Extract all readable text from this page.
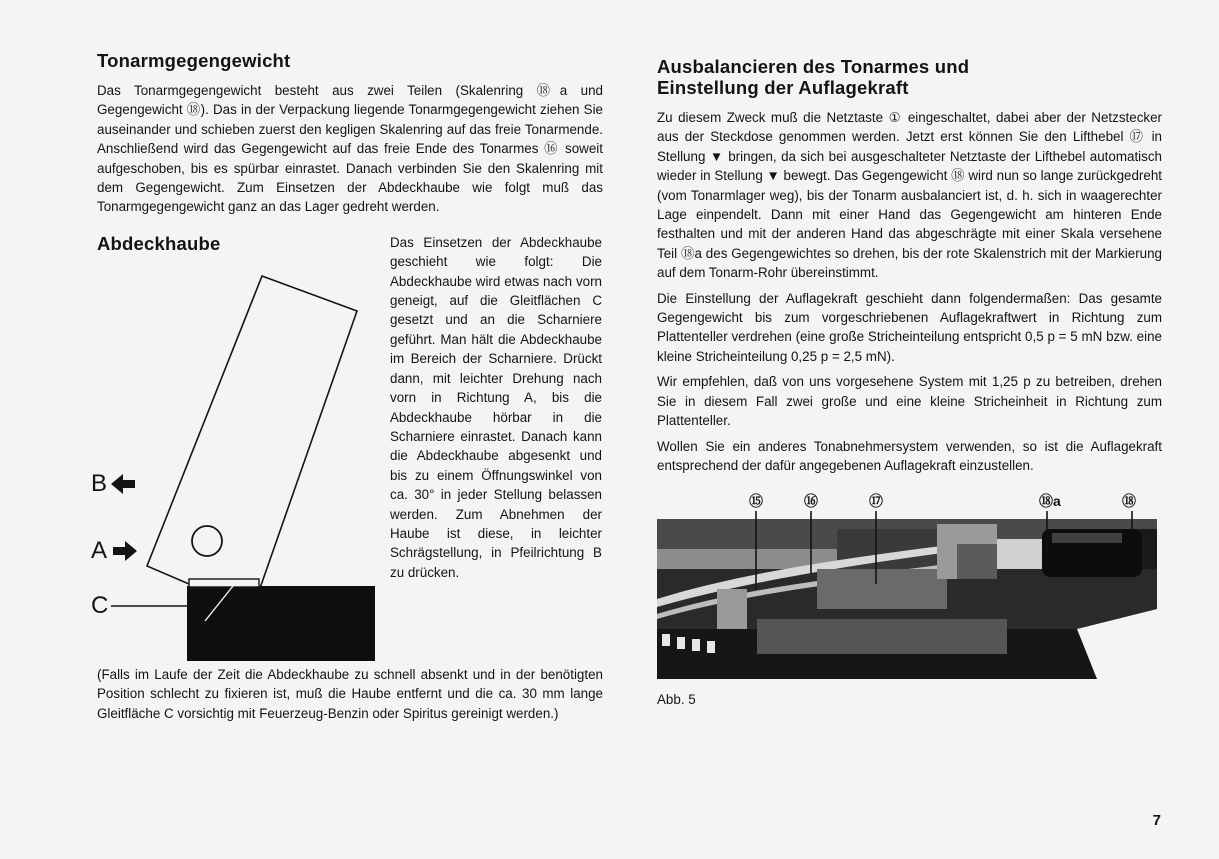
Tonarmgegengewicht

Das Tonarmgegengewicht besteht aus zwei Teilen (Skalenring ⑱a und Gegengewicht ⑱). Das in der Verpackung liegende Tonarmgegengewicht ziehen Sie auseinander und schieben zuerst den kegligen Skalenring auf das freie Tonarmende. Anschließend wird das Gegengewicht auf das freie Ende des Tonarmes ⑯ soweit aufgeschoben, bis es spürbar einrastet. Danach verbinden Sie den Skalenring mit dem Gegengewicht. Zum Einsetzen der Abdeckhaube wie folgt muß das Tonarmgegengewicht ganz an das Lager gedreht werden.

Abdeckhaube
B
A
C

Das Einsetzen der Abdeckhaube geschieht wie folgt: Die Abdeckhaube wird etwas nach vorn geneigt, auf die Gleitflächen C gesetzt und an die Scharniere geführt. Man hält die Abdeckhaube im Bereich der Scharniere. Drückt dann, mit leichter Drehung nach vorn in Richtung A, bis die Abdeckhaube hörbar in die Scharniere einrastet. Danach kann die Abdeckhaube abgesenkt und bis zu einem Öffnungswinkel von ca. 30° in jeder Stellung belassen werden. Zum Abnehmen der Haube ist diese, in leichter Schrägstellung, in Pfeilrichtung B zu drücken.

(Falls im Laufe der Zeit die Abdeckhaube zu schnell absenkt und in der benötigten Position schlecht zu fixieren ist, muß die Haube entfernt und die ca. 30 mm lange Gleitfläche C vorsichtig mit Feuerzeug-Benzin oder Spiritus gereinigt werden.)

Ausbalancieren des Tonarmes und Einstellung der Auflagekraft

Zu diesem Zweck muß die Netztaste ① eingeschaltet, dabei aber der Netzstecker aus der Steckdose genommen werden. Jetzt erst können Sie den Lifthebel ⑰ in Stellung ▼ bringen, da sich bei ausgeschalteter Netztaste der Lifthebel automatisch wieder in Stellung ▼ bewegt. Das Gegengewicht ⑱ wird nun so lange zurückgedreht (vom Tonarmlager weg), bis der Tonarm ausbalanciert ist, d. h. sich in waagerechter Lage einpendelt. Dann mit einer Hand das Gegengewicht am hinteren Ende festhalten und mit der anderen Hand das abgeschrägte mit einer Skala versehene Teil ⑱a des Gegengewichtes so drehen, bis der rote Skalenstrich mit der Markierung auf dem Tonarm-Rohr übereinstimmt.

Die Einstellung der Auflagekraft geschieht dann folgendermaßen: Das gesamte Gegengewicht bis zum vorgeschriebenen Auflagekraftwert in Richtung zum Plattenteller verdrehen (eine große Stricheinteilung entspricht 0,5 p = 5 mN bzw. eine kleine Stricheinteilung 0,25 p = 2,5 mN).

Wir empfehlen, daß von uns vorgesehene System mit 1,25 p zu betreiben, drehen Sie in diesem Fall zwei große und eine kleine Stricheinheit in Richtung zum Plattenteller.

Wollen Sie ein anderes Tonabnehmersystem verwenden, so ist die Auflagekraft entsprechend der dafür angegebenen Auflagekraft einzustellen.

⑮	⑯	⑰	⑱a	⑱
Abb. 5
7
